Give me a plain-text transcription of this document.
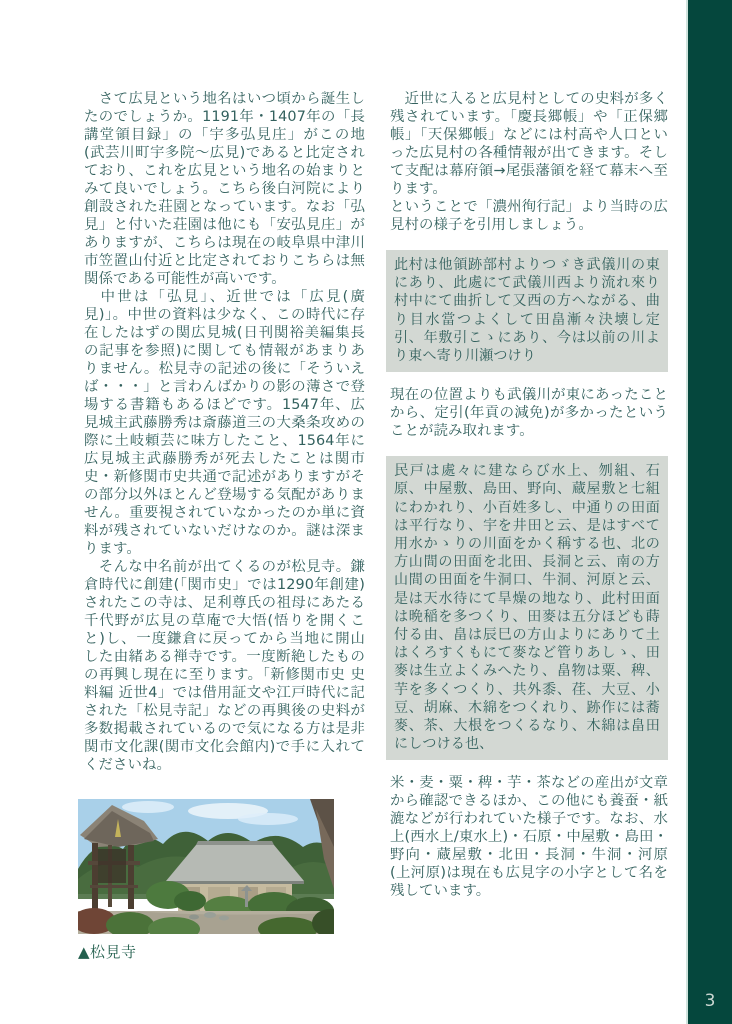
　さて広見という地名はいつ頃から誕生したのでしょうか。1191年・1407年の「長講堂領目録」の「宇多弘見庄」がこの地(武芸川町宇多院〜広見)であると比定されており、これを広見という地名の始まりとみて良いでしょう。こちら後白河院により創設された荘園となっています。なお「弘見」と付いた荘園は他にも「安弘見庄」がありますが、こちらは現在の岐阜県中津川市笠置山付近と比定されておりこちらは無関係である可能性が高いです。

　中世は「弘見」、近世では「広見(廣見)」。中世の資料は少なく、この時代に存在したはずの関広見城(日刊関裕美編集長の記事を参照)に関しても情報があまりありません。松見寺の記述の後に「そういえば・・・」と言わんばかりの影の薄さで登場する書籍もあるほどです。1547年、広見城主武藤勝秀は斎藤道三の大桑条攻めの際に土岐頼芸に味方したこと、1564年に広見城主武藤勝秀が死去したことは関市史・新修関市史共通で記述がありますがその部分以外ほとんど登場する気配がありません。重要視されていなかったのか単に資料が残されていないだけなのか。謎は深まります。

　そんな中名前が出てくるのが松見寺。鎌倉時代に創建(「関市史」では1290年創建)されたこの寺は、足利尊氏の祖母にあたる千代野が広見の草庵で大悟(悟りを開くこと)し、一度鎌倉に戻ってから当地に開山した由緒ある禅寺です。一度断絶したものの再興し現在に至ります。「新修関市史 史料編 近世4」では借用証文や江戸時代に記された「松見寺記」などの再興後の史料が多数掲載されているので気になる方は是非関市文化課(関市文化会館内)で手に入れてくださいね。

▲松見寺

　近世に入ると広見村としての史料が多く残されています。「慶長郷帳」や「正保郷帳」「天保郷帳」などには村高や人口といった広見村の各種情報が出てきます。そして支配は幕府領→尾張藩領を経て幕末へ至ります。

ということで「濃州徇行記」より当時の広見村の様子を引用しましょう。

此村は他領跡部村よりつゞき武儀川の東にあり、此處にて武儀川西より流れ來り村中にて曲折して又西の方へながる、曲り目水當つよくして田畠漸々決壊し定引、年敷引こゝにあり、今は以前の川より東へ寄り川瀬つけり

現在の位置よりも武儀川が東にあったことから、定引(年貢の減免)が多かったということが読み取れます。

民戸は處々に建ならび水上、刎組、石原、中屋敷、島田、野向、蔵屋敷と七組にわかれり、小百姓多し、中通りの田面は平行なり、宇を井田と云、是はすべて用水かゝりの川面をかく稱する也、北の方山間の田面を北田、長洞と云、南の方山間の田面を牛洞口、牛洞、河原と云、是は天水待にて旱燥の地なり、此村田面は晩稲を多つくり、田麥は五分ほども蒔付る由、畠は辰巳の方山よりにありて土はくろすくもにて麥など管りあしゝ、田麥は生立よくみへたり、畠物は粟、稗、芋を多くつくり、共外黍、荏、大豆、小豆、胡麻、木綿をつくれり、跡作には蕎麥、茶、大根をつくるなり、木綿は畠田にしつける也、

米・麦・粟・稗・芋・茶などの産出が文章から確認できるほか、この他にも養蚕・紙漉などが行われていた様子です。なお、水上(西水上/東水上)・石原・中屋敷・島田・野向・蔵屋敷・北田・長洞・牛洞・河原(上河原)は現在も広見字の小字として名を残しています。

3
